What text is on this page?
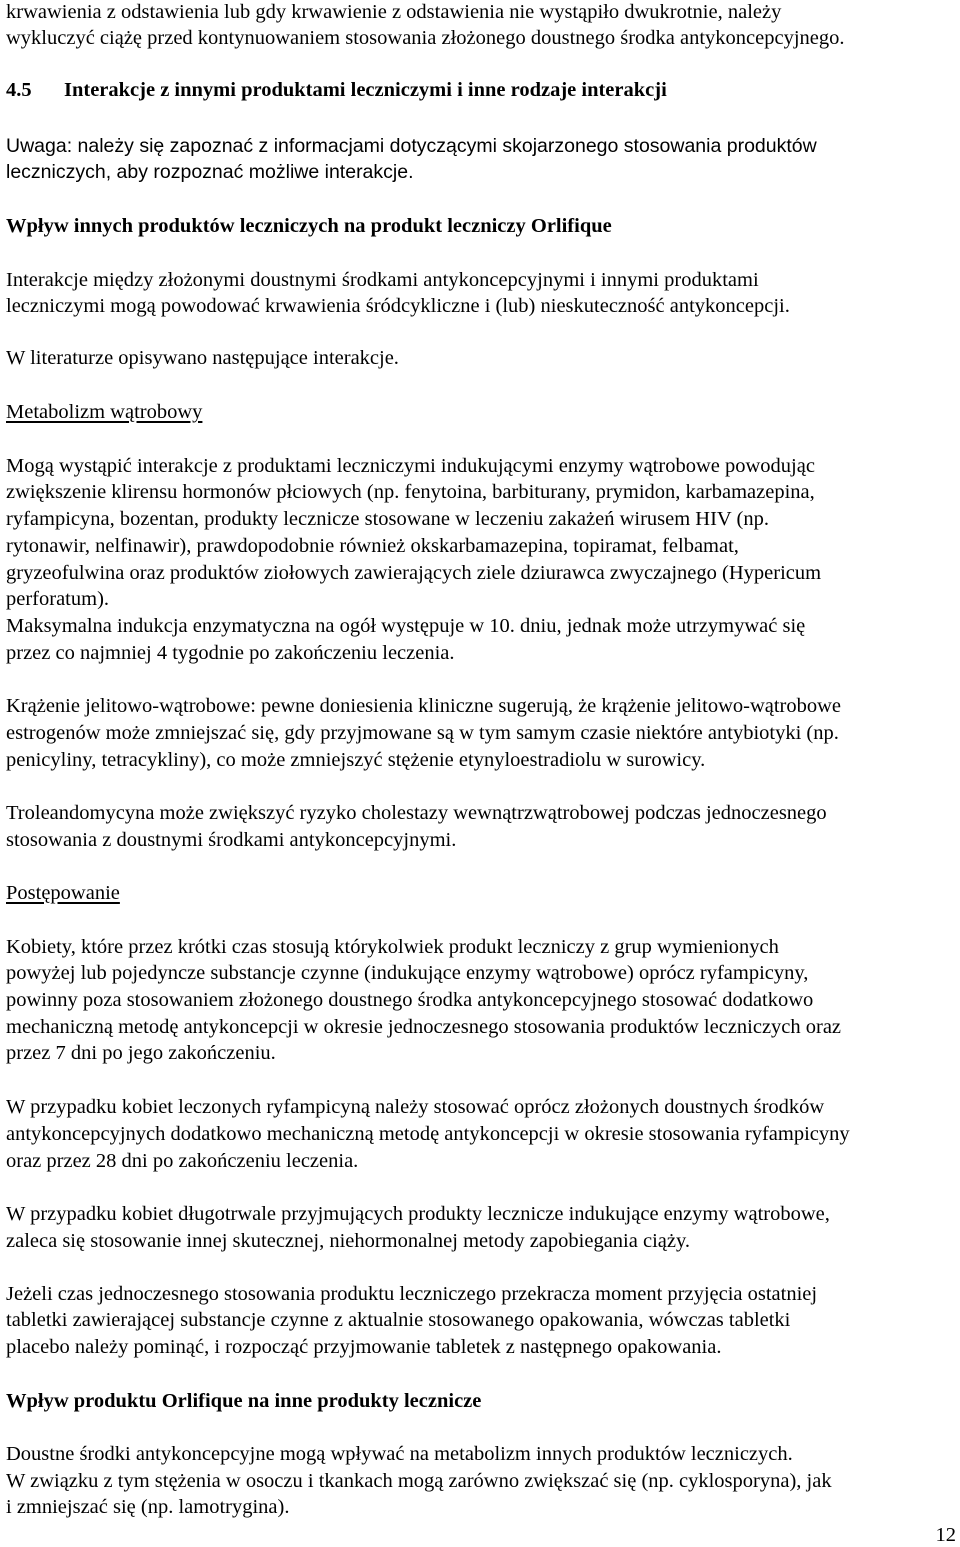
krwawienia z odstawienia lub gdy krwawienie z odstawienia nie wystąpiło dwukrotnie, należy
wykluczyć ciążę przed kontynuowaniem stosowania złożonego doustnego środka antykoncepcyjnego.
4.5 Interakcje z innymi produktami leczniczymi i inne rodzaje interakcji
Uwaga: należy się zapoznać z informacjami dotyczącymi skojarzonego stosowania produktów
leczniczych, aby rozpoznać możliwe interakcje.
Wpływ innych produktów leczniczych na produkt leczniczy Orlifique
Interakcje między złożonymi doustnymi środkami antykoncepcyjnymi i innymi produktami
leczniczymi mogą powodować krwawienia śródcykliczne i (lub) nieskuteczność antykoncepcji.
W literaturze opisywano następujące interakcje.
Metabolizm wątrobowy
Mogą wystąpić interakcje z produktami leczniczymi indukującymi enzymy wątrobowe powodując
zwiększenie klirensu hormonów płciowych (np. fenytoina, barbiturany, prymidon, karbamazepina,
ryfampicyna, bozentan, produkty lecznicze stosowane w leczeniu zakażeń wirusem HIV (np.
rytonawir, nelfinawir), prawdopodobnie również okskarbamazepina, topiramat, felbamat,
gryzeofulwina oraz produktów ziołowych zawierających ziele dziurawca zwyczajnego (Hypericum
perforatum).
Maksymalna indukcja enzymatyczna na ogół występuje w 10. dniu, jednak może utrzymywać się
przez co najmniej 4 tygodnie po zakończeniu leczenia.
Krążenie jelitowo-wątrobowe: pewne doniesienia kliniczne sugerują, że krążenie jelitowo-wątrobowe
estrogenów może zmniejszać się, gdy przyjmowane są w tym samym czasie niektóre antybiotyki (np.
penicyliny, tetracykliny), co może zmniejszyć stężenie etynyloestradiolu w surowicy.
Troleandomycyna może zwiększyć ryzyko cholestazy wewnątrzwątrobowej podczas jednoczesnego
stosowania z doustnymi środkami antykoncepcyjnymi.
Postępowanie
Kobiety, które przez krótki czas stosują którykolwiek produkt leczniczy z grup wymienionych
powyżej lub pojedyncze substancje czynne (indukujące enzymy wątrobowe) oprócz ryfampicyny,
powinny poza stosowaniem złożonego doustnego środka antykoncepcyjnego stosować dodatkowo
mechaniczną metodę antykoncepcji w okresie jednoczesnego stosowania produktów leczniczych oraz
przez 7 dni po jego zakończeniu.
W przypadku kobiet leczonych ryfampicyną należy stosować oprócz złożonych doustnych środków
antykoncepcyjnych dodatkowo mechaniczną metodę antykoncepcji w okresie stosowania ryfampicyny
oraz przez 28 dni po zakończeniu leczenia.
W przypadku kobiet długotrwale przyjmujących produkty lecznicze indukujące enzymy wątrobowe,
zaleca się stosowanie innej skutecznej, niehormonalnej metody zapobiegania ciąży.
Jeżeli czas jednoczesnego stosowania produktu leczniczego przekracza moment przyjęcia ostatniej
tabletki zawierającej substancje czynne z aktualnie stosowanego opakowania, wówczas tabletki
placebo należy pominąć, i rozpocząć przyjmowanie tabletek z następnego opakowania.
Wpływ produktu Orlifique na inne produkty lecznicze
Doustne środki antykoncepcyjne mogą wpływać na metabolizm innych produktów leczniczych.
W związku z tym stężenia w osoczu i tkankach mogą zarówno zwiększać się (np. cyklosporyna), jak
i zmniejszać się (np. lamotrygina).
12
